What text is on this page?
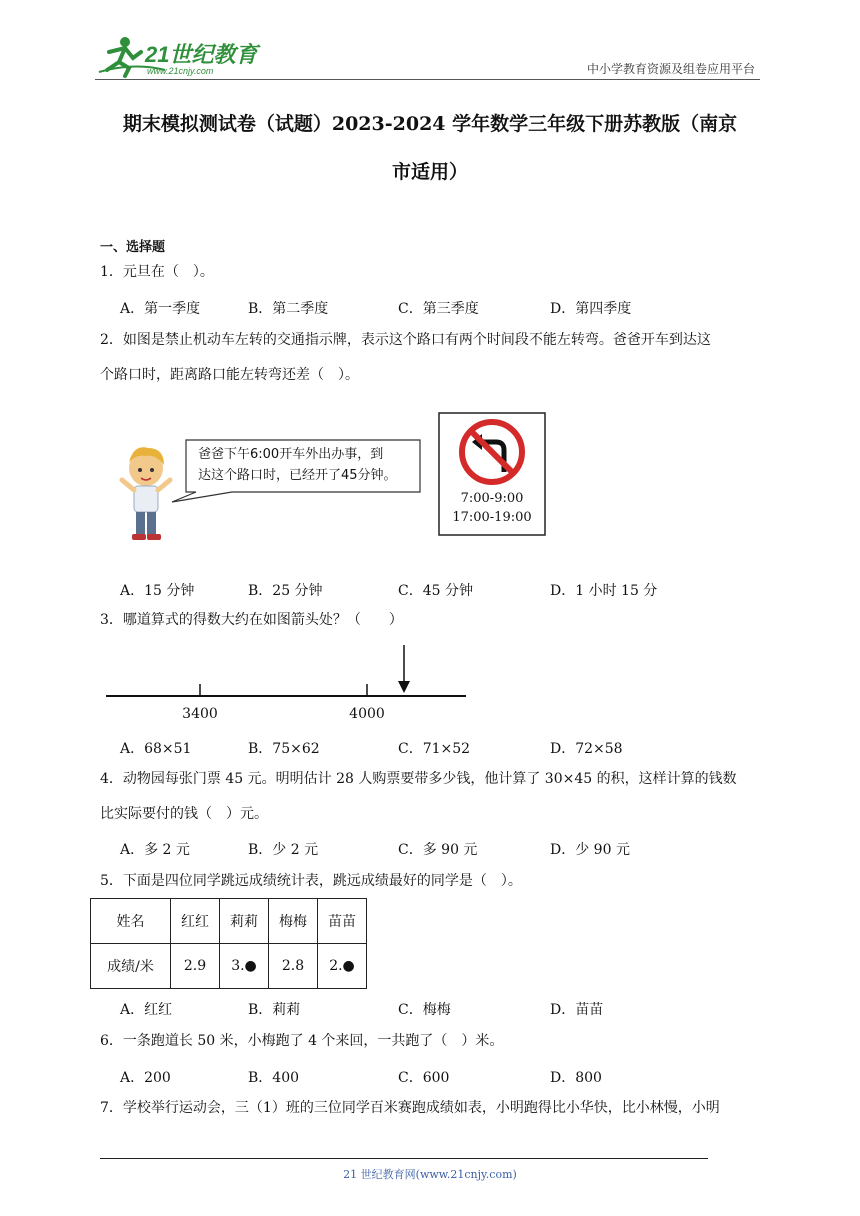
21世纪教育
www.21cnjy.com	中小学教育资源及组卷应用平台
期末模拟测试卷（试题）2023-2024 学年数学三年级下册苏教版（南京
市适用）
一、选择题
1．元旦在（　）。
A．第一季度	B．第二季度	C．第三季度	D．第四季度
2．如图是禁止机动车左转的交通指示牌，表示这个路口有两个时间段不能左转弯。爸爸开车到达这
个路口时，距离路口能左转弯还差（　）。
爸爸下午6:00开车外出办事，到
达这个路口时，已经开了45分钟。
7:00-9:00
17:00-19:00
A．15 分钟	B．25 分钟	C．45 分钟	D．1 小时 15 分
3．哪道算式的得数大约在如图箭头处？（　　）
3400	4000
A．68×51	B．75×62	C．71×52	D．72×58
4．动物园每张门票 45 元。明明估计 28 人购票要带多少钱，他计算了 30×45 的积，这样计算的钱数
比实际要付的钱（　）元。
A．多 2 元	B．少 2 元	C．多 90 元	D．少 90 元
5．下面是四位同学跳远成绩统计表，跳远成绩最好的同学是（　）。
姓名	红红	莉莉	梅梅	苗苗
成绩/米	2.9	3.●	2.8	2.●
A．红红	B．莉莉	C．梅梅	D．苗苗
6．一条跑道长 50 米，小梅跑了 4 个来回，一共跑了（　）米。
A．200	B．400	C．600	D．800
7．学校举行运动会，三（1）班的三位同学百米赛跑成绩如表，小明跑得比小华快，比小林慢，小明
21 世纪教育网(www.21cnjy.com)
